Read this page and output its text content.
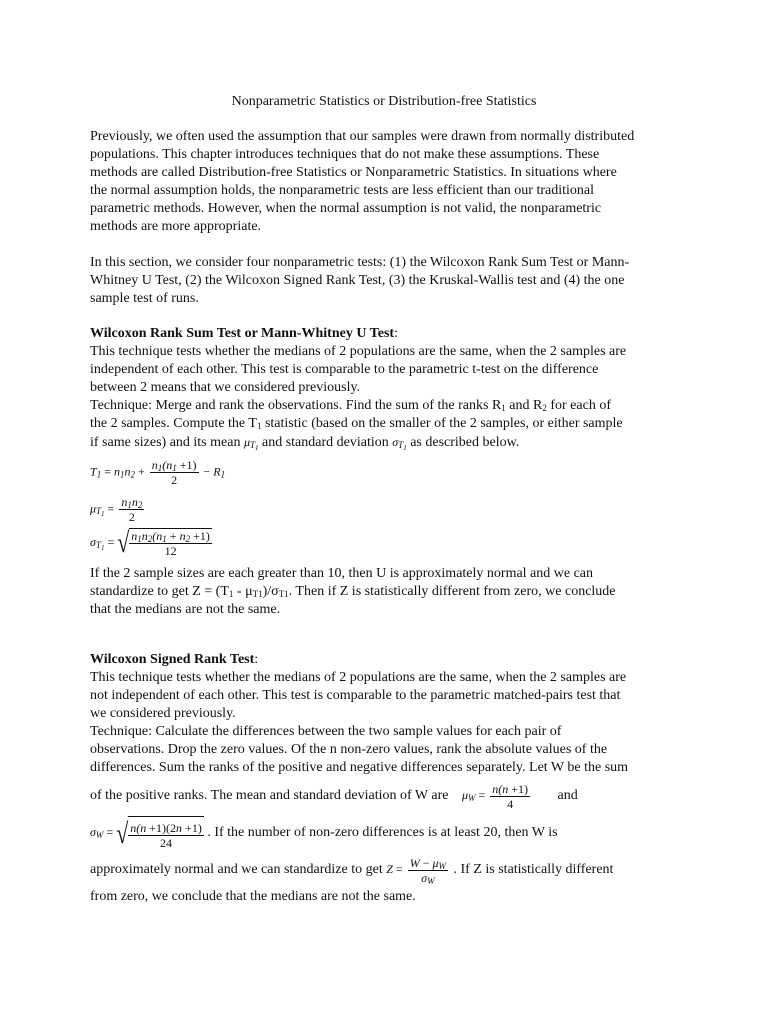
Nonparametric Statistics or Distribution-free Statistics
Previously, we often used the assumption that our samples were drawn from normally distributed
populations. This chapter introduces techniques that do not make these assumptions. These
methods are called Distribution-free Statistics or Nonparametric Statistics. In situations where
the normal assumption holds, the nonparametric tests are less efficient than our traditional
parametric methods. However, when the normal assumption is not valid, the nonparametric
methods are more appropriate.
In this section, we consider four nonparametric tests: (1) the Wilcoxon Rank Sum Test or Mann-
Whitney U Test, (2) the Wilcoxon Signed Rank Test, (3) the Kruskal-Wallis test and (4) the one
sample test of runs.
Wilcoxon Rank Sum Test or Mann-Whitney U Test:
This technique tests whether the medians of 2 populations are the same, when the 2 samples are
independent of each other. This test is comparable to the parametric t-test on the difference
between 2 means that we considered previously.
Technique: Merge and rank the observations. Find the sum of the ranks $R_1$ and $R_2$ for each of
the 2 samples. Compute the $T_1$ statistic (based on the smaller of the 2 samples, or either sample
if same sizes) and its mean $\mu_{T_1}$ and standard deviation $\sigma_{T_1}$ as described below.
$T_1 = n_1n_2 + \frac{n_1(n_1 +1)}{2} - R_1$
$\mu_{T_1} = \frac{n_1n_2}{2}$
$\sigma_{T_1}$ = √ $\frac{n_1n_2(n_1 + n_2 +1)}{12}$
If the 2 sample sizes are each greater than 10, then U is approximately normal and we can
standardize to get $Z = (T_1 - \mu_{T1})/\sigma_{T1}$. Then if Z is statistically different from zero, we conclude
that the medians are not the same.
Wilcoxon Signed Rank Test:
This technique tests whether the medians of 2 populations are the same, when the 2 samples are
not independent of each other. This test is comparable to the parametric matched-pairs test that
we considered previously.
Technique: Calculate the differences between the two sample values for each pair of
observations. Drop the zero values. Of the n non-zero values, rank the absolute values of the
differences. Sum the ranks of the positive and negative differences separately. Let W be the sum
of the positive ranks. The mean and standard deviation of W are $\mu_W = \frac{n(n +1)}{4}$ and
$\sigma_W$ = √ $\frac{n(n +1)(2n +1)}{24}$ . If the number of non-zero differences is at least 20, then W is
approximately normal and we can standardize to get $Z = \frac{W - \mu_W}{\sigma_W}$ . If Z is statistically different
from zero, we conclude that the medians are not the same.
